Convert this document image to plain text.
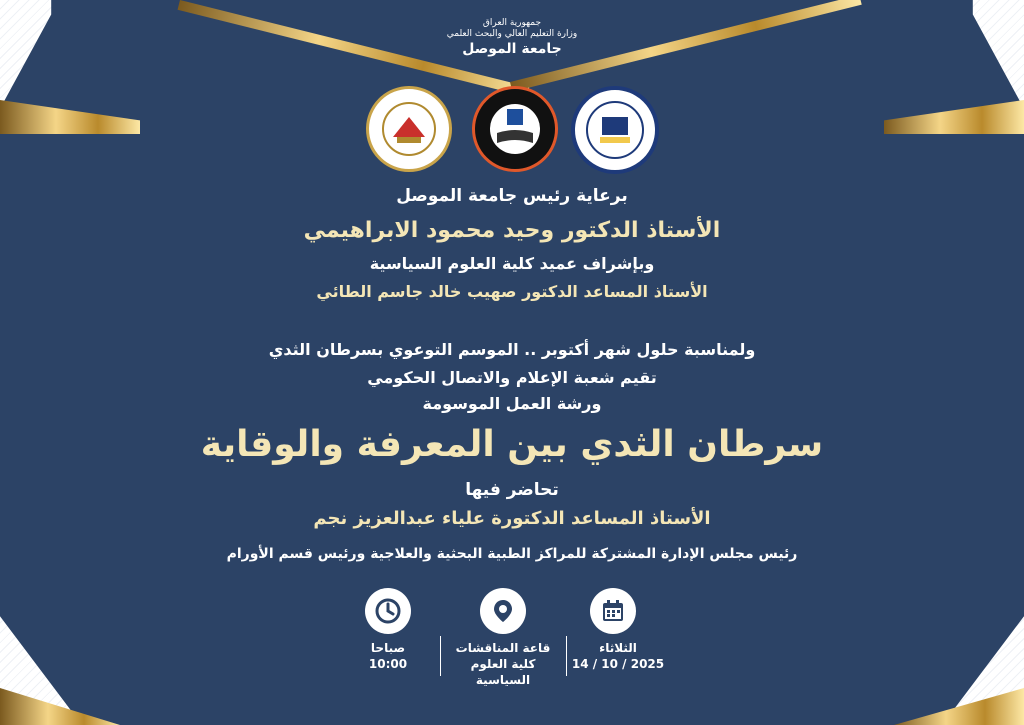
جمهورية العراق
وزارة التعليم العالي والبحث العلمي
جامعة الموصل
برعاية رئيس جامعة الموصل
الأستاذ الدكتور وحيد محمود الابراهيمي
وبإشراف عميد كلية العلوم السياسية
الأستاذ المساعد الدكتور صهيب خالد جاسم الطائي
ولمناسبة حلول شهر أكتوبر .. الموسم التوعوي بسرطان الثدي
تقيم شعبة الإعلام والاتصال الحكومي
ورشة العمل الموسومة
سرطان الثدي بين المعرفة والوقاية
تحاضر فيها
الأستاذ المساعد الدكتورة علياء عبدالعزيز نجم
رئيس مجلس الإدارة المشتركة للمراكز الطبية البحثية والعلاجية ورئيس قسم الأورام
صباحا
10:00
قاعة المناقشات
كلية العلوم السياسية
الثلاثاء
14 / 10 / 2025
